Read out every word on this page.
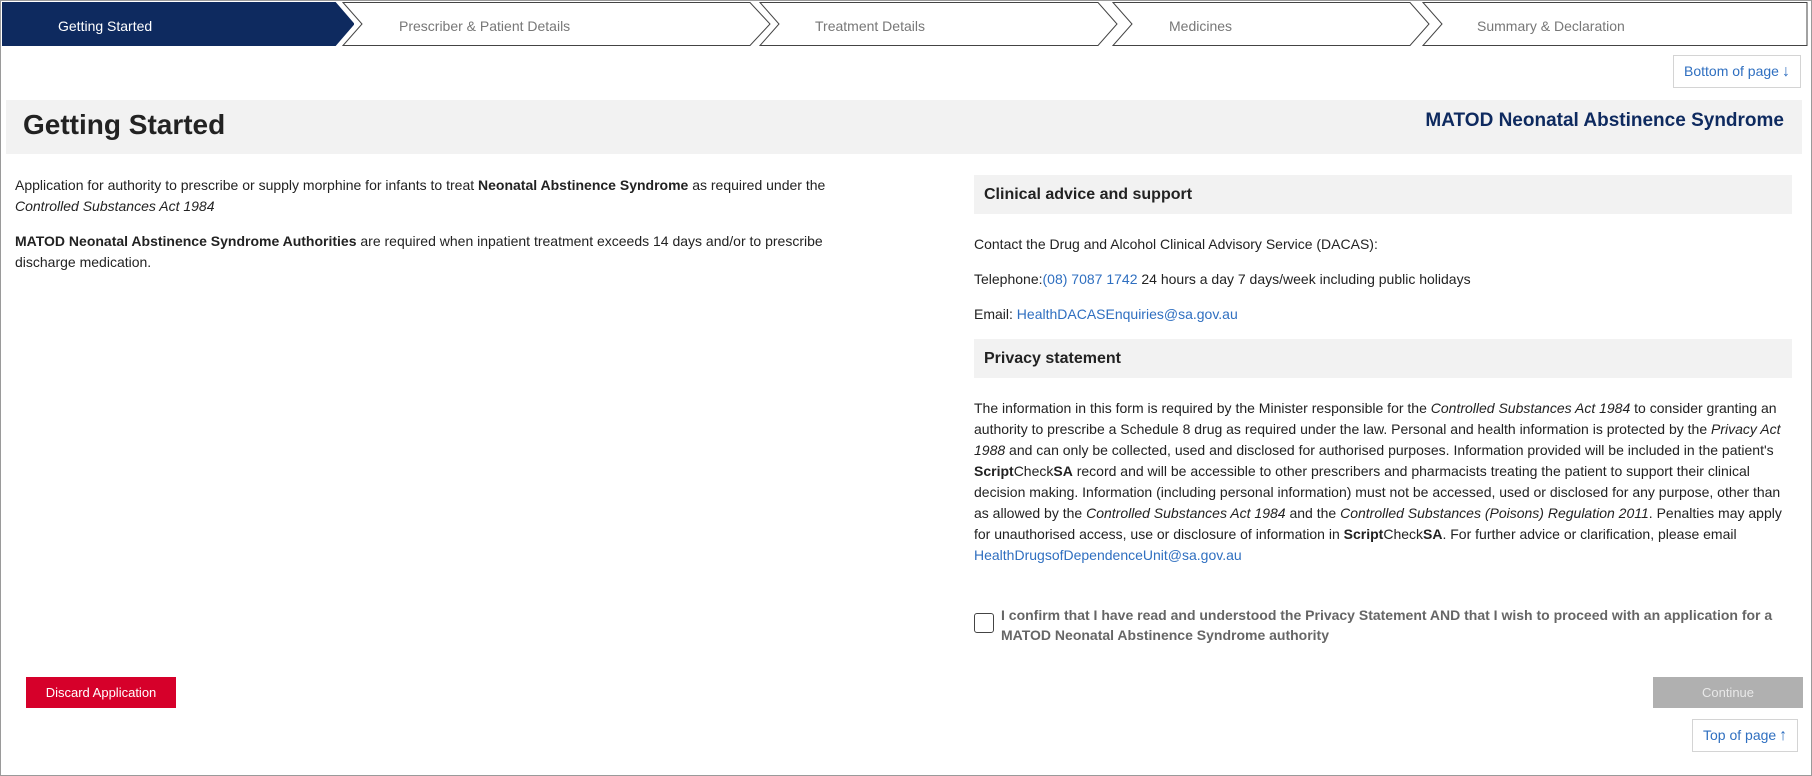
Getting Started	Prescriber & Patient Details	Treatment Details	Medicines	Summary & Declaration
Bottom of page ↓
Getting Started	MATOD Neonatal Abstinence Syndrome

Application for authority to prescribe or supply morphine for infants to treat Neonatal Abstinence Syndrome as required under the Controlled Substances Act 1984

MATOD Neonatal Abstinence Syndrome Authorities are required when inpatient treatment exceeds 14 days and/or to prescribe discharge medication.

Clinical advice and support
Contact the Drug and Alcohol Clinical Advisory Service (DACAS):
Telephone:(08) 7087 1742 24 hours a day 7 days/week including public holidays
Email: HealthDACASEnquiries@sa.gov.au
Privacy statement
The information in this form is required by the Minister responsible for the Controlled Substances Act 1984 to consider granting an authority to prescribe a Schedule 8 drug as required under the law. Personal and health information is protected by the Privacy Act 1988 and can only be collected, used and disclosed for authorised purposes. Information provided will be included in the patient's ScriptCheckSA record and will be accessible to other prescribers and pharmacists treating the patient to support their clinical decision making. Information (including personal information) must not be accessed, used or disclosed for any purpose, other than as allowed by the Controlled Substances Act 1984 and the Controlled Substances (Poisons) Regulation 2011. Penalties may apply for unauthorised access, use or disclosure of information in ScriptCheckSA. For further advice or clarification, please email HealthDrugsofDependenceUnit@sa.gov.au
I confirm that I have read and understood the Privacy Statement AND that I wish to proceed with an application for a MATOD Neonatal Abstinence Syndrome authority
Discard Application	Continue
Top of page ↑
